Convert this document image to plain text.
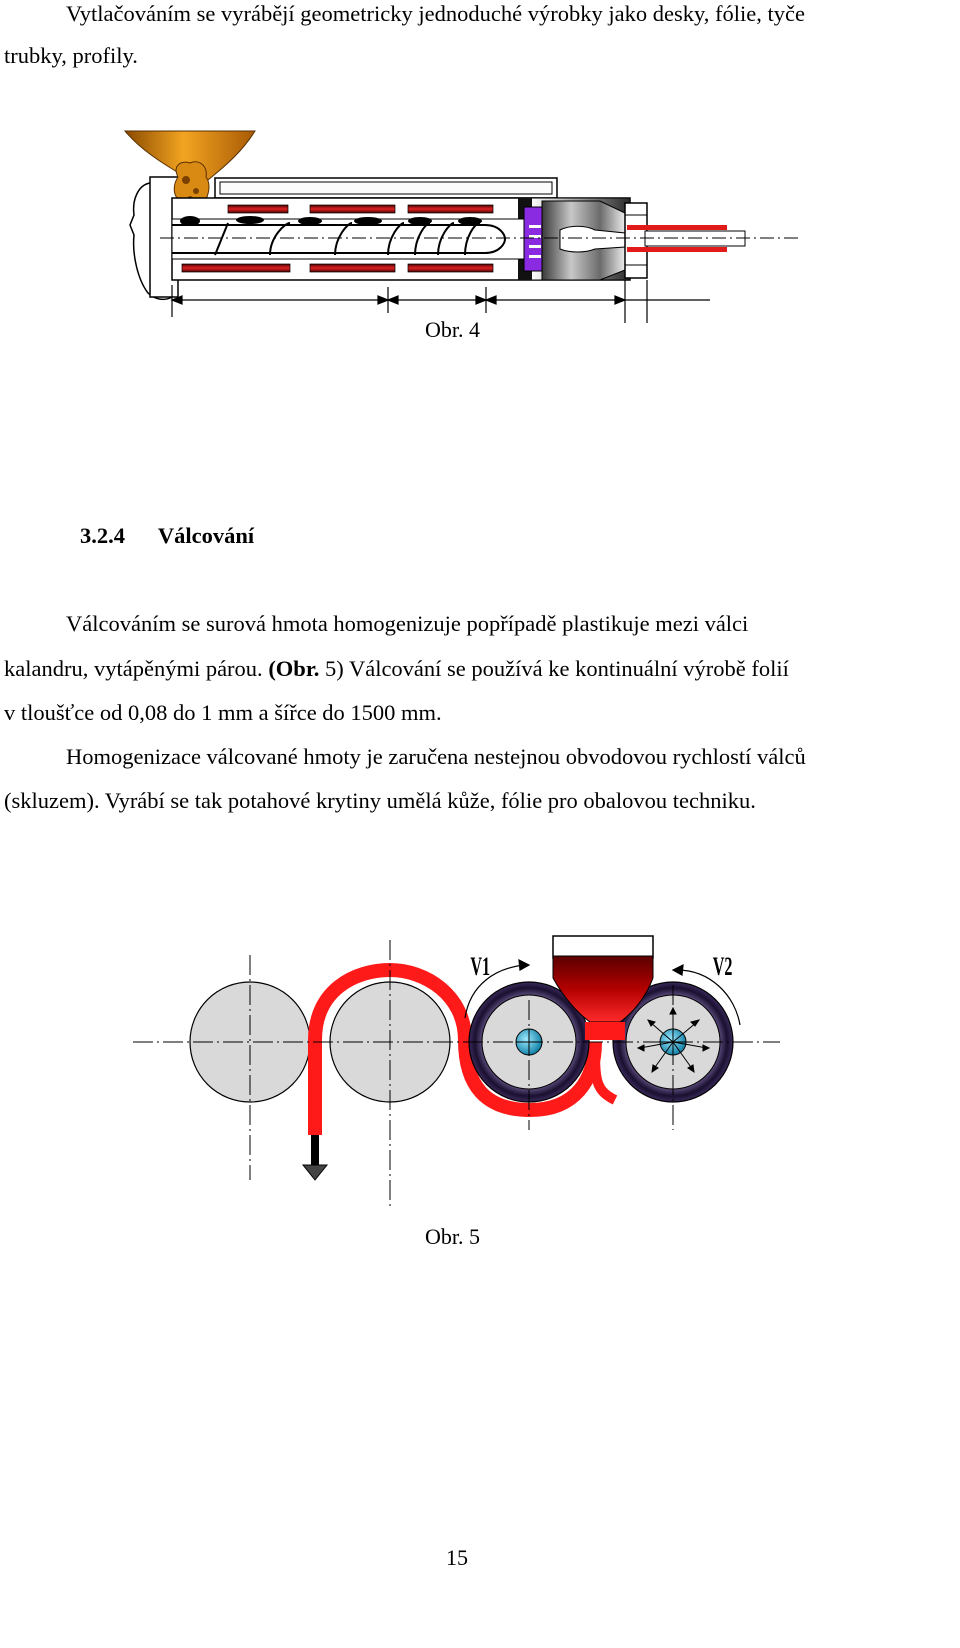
Vytlačováním se vyrábějí geometricky jednoduché výrobky jako desky, fólie, tyče
trubky, profily.
Obr. 4
3.2.4 Válcování
Válcováním se surová hmota homogenizuje popřípadě plastikuje mezi válci
kalandru, vytápěnými párou. (Obr. 5) Válcování se používá ke kontinuální výrobě folií
v tloušťce od 0,08 do 1 mm a šířce do 1500 mm.
Homogenizace válcované hmoty je zaručena nestejnou obvodovou rychlostí válců
(skluzem). Vyrábí se tak potahové krytiny umělá kůže, fólie pro obalovou techniku.
V1	V2
Obr. 5
15
